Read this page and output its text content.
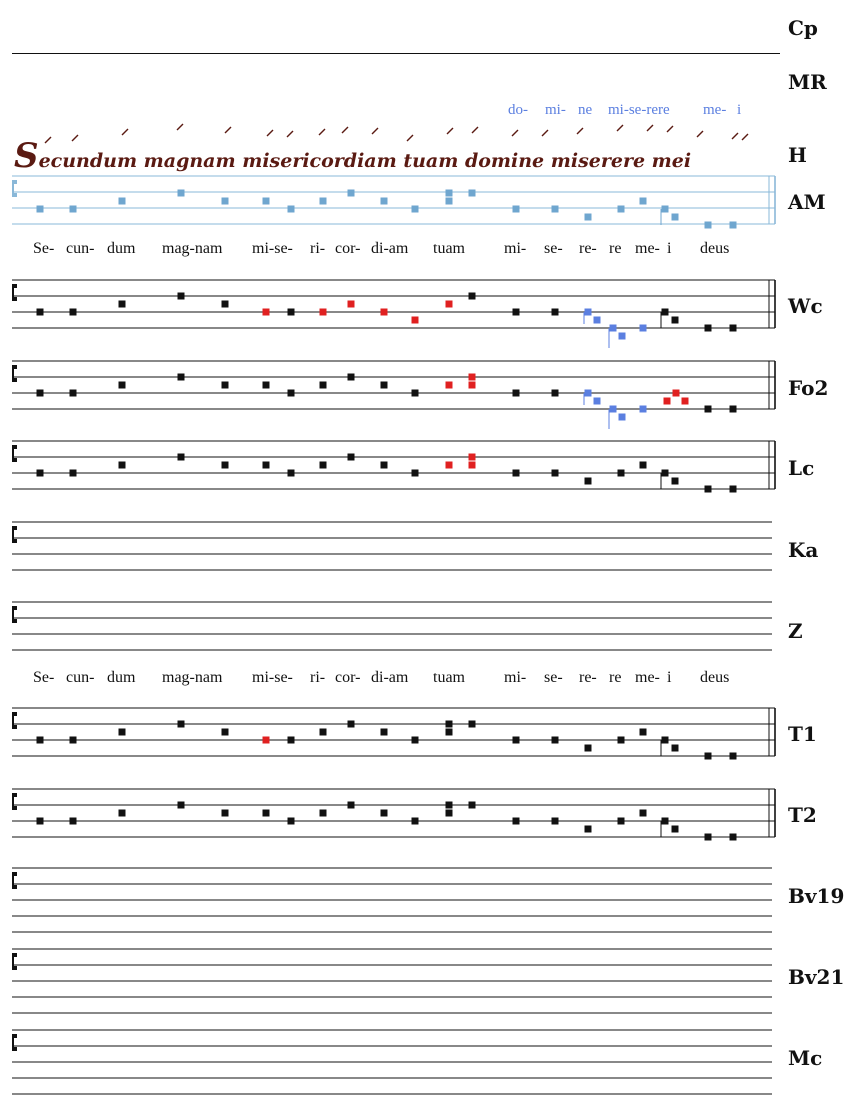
Cp
MR
H
AM
Wc
Fo2
Lc
Ka
Z
T1
T2
Bv19
Bv21
Mc
do- mi- ne mi-se-rere me- i
Secundum magnam misericordiam tuam domine miserere mei
Se- cun- dum mag-nam mi-se- ri- cor- di-am tuam mi- se- re- re me- i deus
Se- cun- dum mag-nam mi-se- ri- cor- di-am tuam mi- se- re- re me- i deus
